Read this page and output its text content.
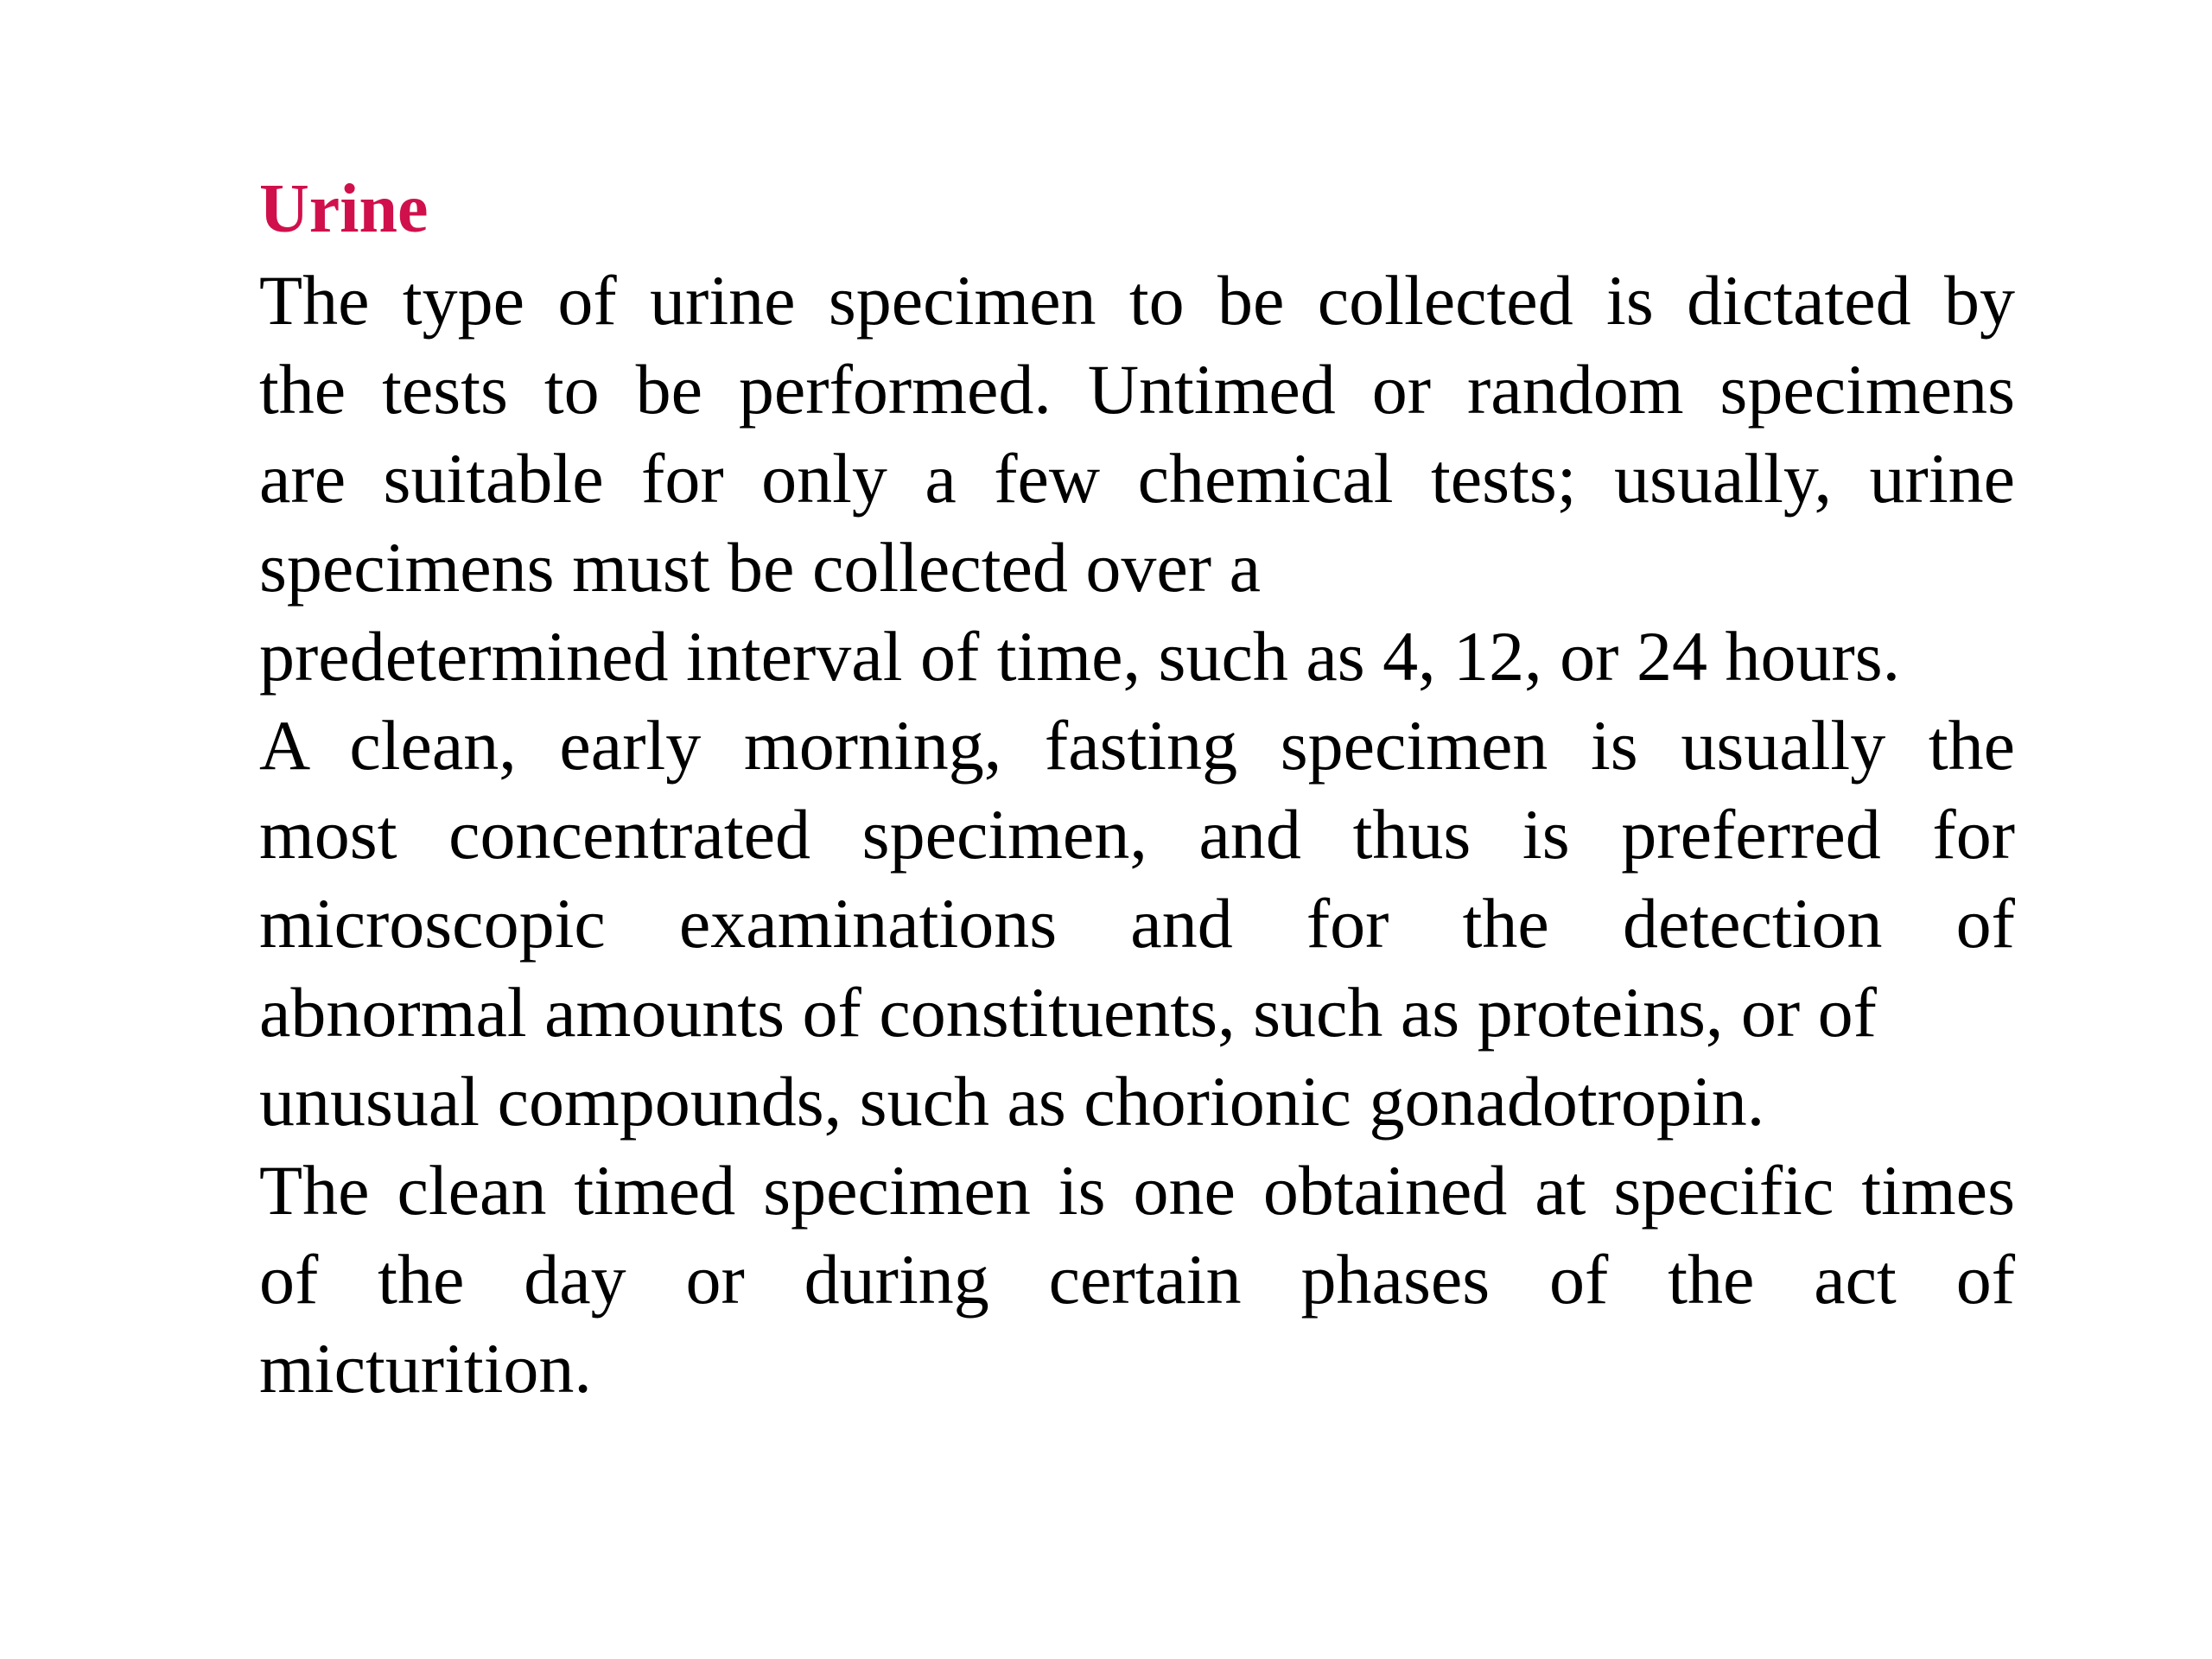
Urine

The type of urine specimen to be collected is dictated by
the tests to be performed. Untimed or random specimens
are suitable for only a few chemical tests; usually, urine
specimens must be collected over a

predetermined interval of time, such as 4, 12, or 24 hours.

A clean, early morning, fasting specimen is usually the
most concentrated specimen, and thus is preferred for
microscopic examinations and for the detection of
abnormal amounts of constituents, such as proteins, or of
unusual compounds, such as chorionic gonadotropin.

The clean timed specimen is one obtained at specific times
of the day or during certain phases of the act of
micturition.
